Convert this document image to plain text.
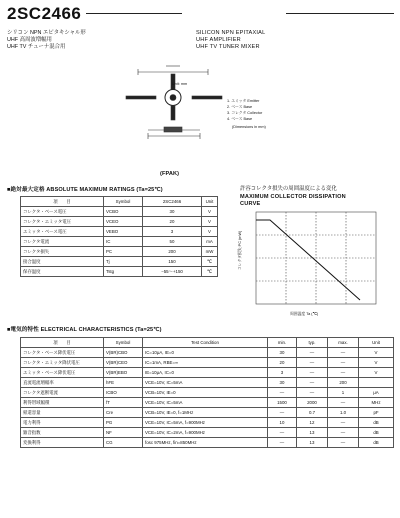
2SC2466
シリコン NPN エピタキシャル形
UHF 高周波増幅用
UHF TV チューナ混合用
SILICON NPN EPITAXIAL
UHF AMPLIFIER
UHF TV TUNER MIXER
Unit: mm
1. エミッタ Emitter
2. ベース Base
3. コレクタ Collector
4. ベース Base
(Dimensions in mm)
(FPAK)
■絶対最大定格 ABSOLUTE MAXIMUM RATINGS (Ta=25℃)
項　　目	Symbol	2SC2466	Unit
コレクタ・ベース電圧	VCBO	30	V
コレクタ・エミッタ電圧	VCEO	20	V
エミッタ・ベース電圧	VEBO	3	V
コレクタ電流	IC	50	mA
コレクタ損失	PC	200	mW
接合温度	Tj	150	℃
保存温度	Tstg	−55～+150	℃
許容コレクタ損失の周囲温度による変化
MAXIMUM COLLECTOR DISSIPATION
CURVE
コレクタ損失 PC (mW)
周囲温度 Ta (℃)
■電気的特性 ELECTRICAL CHARACTERISTICS (Ta=25℃)
項　　目	Symbol	Test Condition	min.	typ.	max.	Unit
コレクタ・ベース降伏電圧	V(BR)CBO	IC=10μA, IE=0	30	—	—	V
コレクタ・エミッタ降伏電圧	V(BR)CEO	IC=1mA, RBE=∞	20	—	—	V
エミッタ・ベース降伏電圧	V(BR)EBO	IE=10μA, IC=0	3	—	—	V
直流電流増幅率	hFE	VCE=10V, IC=5mA	30	—	200	
コレクタ遮断電流	ICBO	VCB=10V, IE=0	—	—	1	μA
利得帯域幅積	fT	VCE=10V, IC=5mA	1500	2000	—	MHz
帰還容量	Cre	VCB=10V, IE=0, f=1MHz	—	0.7	1.0	pF
電力利得	PG	VCE=10V, IC=5mA, f=900MHz	10	12	—	dB
雑音指数	NF	VCE=10V, IC=2mA, f=900MHz	—	13	—	dB
変換利得	CG	fosc 975MHz, fin=850MHz	—	13	—	dB
